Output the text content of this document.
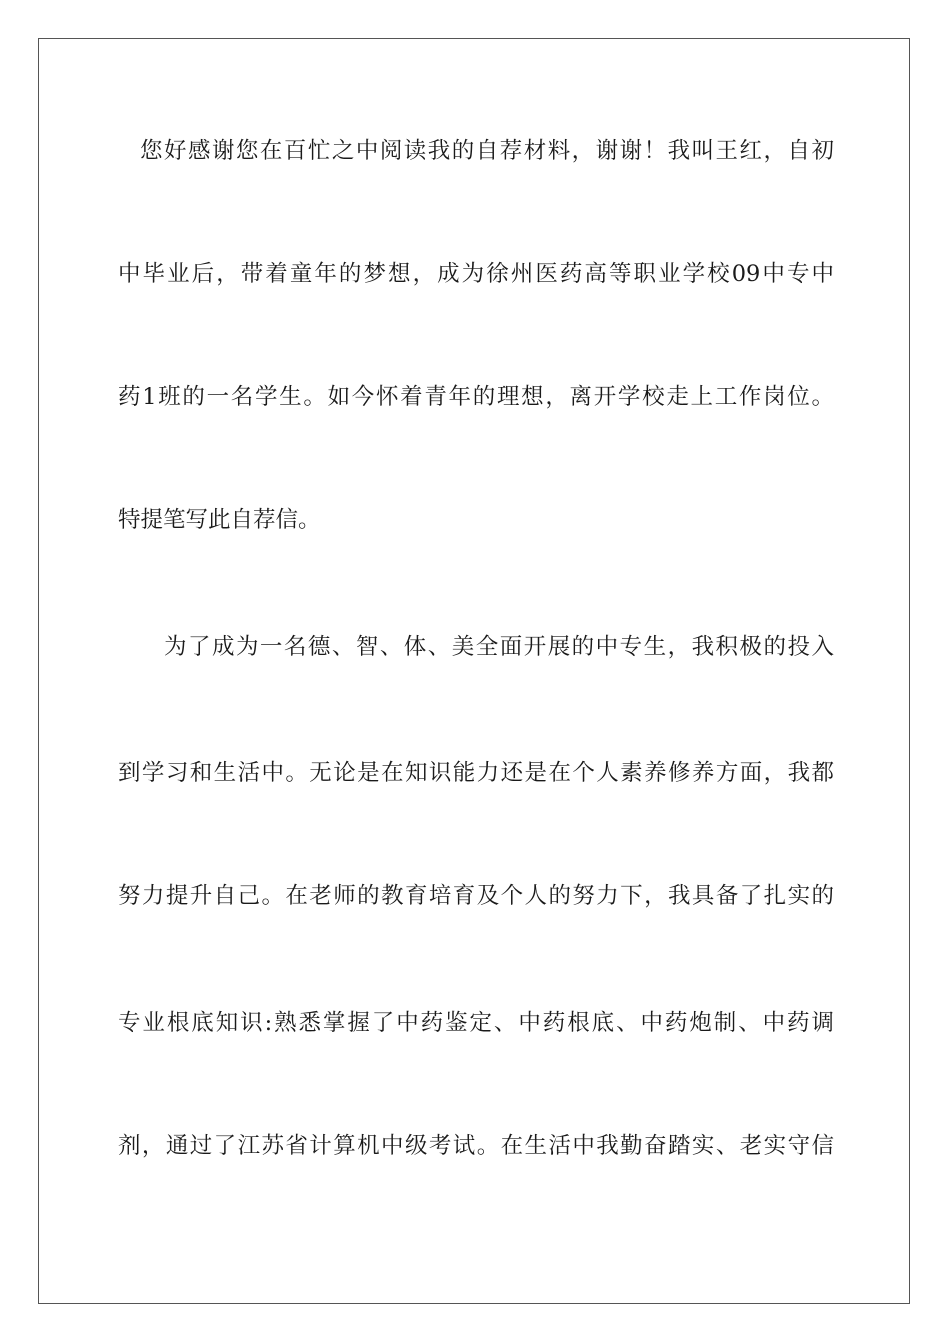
您好感谢您在百忙之中阅读我的自荐材料，谢谢！我叫王红，自初
中毕业后，带着童年的梦想，成为徐州医药高等职业学校09中专中
药1班的一名学生。如今怀着青年的理想，离开学校走上工作岗位。
特提笔写此自荐信。
为了成为一名德、智、体、美全面开展的中专生，我积极的投入
到学习和生活中。无论是在知识能力还是在个人素养修养方面，我都
努力提升自己。在老师的教育培育及个人的努力下，我具备了扎实的
专业根底知识:熟悉掌握了中药鉴定、中药根底、中药炮制、中药调
剂，通过了江苏省计算机中级考试。在生活中我勤奋踏实、老实守信
